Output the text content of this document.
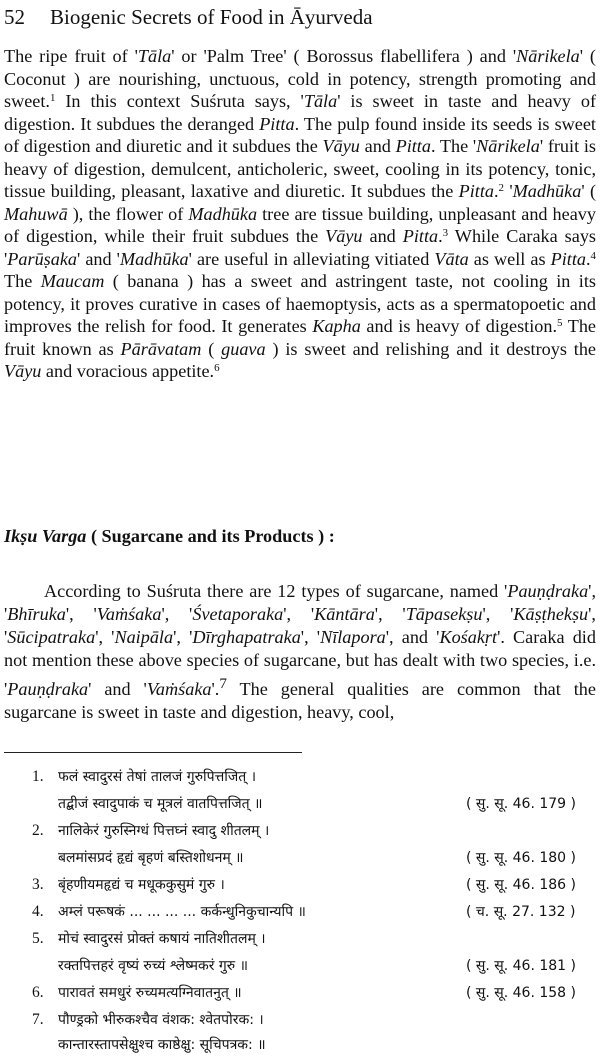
52 Biogenic Secrets of Food in Āyurveda

The ripe fruit of 'Tāla' or 'Palm Tree' ( Borossus flabellifera ) and 'Nārikela' ( Coconut ) are nourishing, unctuous, cold in potency, strength promoting and sweet.$^1$ In this context Suśruta says, 'Tāla' is sweet in taste and heavy of digestion. It subdues the deranged Pitta. The pulp found inside its seeds is sweet of digestion and diuretic and it subdues the Vāyu and Pitta. The 'Nārikela' fruit is heavy of digestion, demulcent, anticholeric, sweet, cooling in its potency, tonic, tissue building, pleasant, laxative and diuretic. It subdues the Pitta.$^2$ 'Madhūka' ( Mahuwā ), the flower of Madhūka tree are tissue building, unpleasant and heavy of digestion, while their fruit subdues the Vāyu and Pitta.$^3$ While Caraka says 'Parūṣaka' and 'Madhūka' are useful in alleviating vitiated Vāta as well as Pitta.$^4$ The Maucam ( banana ) has a sweet and astringent taste, not cooling in its potency, it proves curative in cases of haemoptysis, acts as a spermatopoetic and improves the relish for food. It generates Kapha and is heavy of digestion.$^5$ The fruit known as Pārāvatam ( guava ) is sweet and relishing and it destroys the Vāyu and voracious appetite.$^6$

Ikṣu Varga ( Sugarcane and its Products ) :

According to Suśruta there are 12 types of sugarcane, named 'Pauṇḍraka', 'Bhīruka', 'Vaṁśaka', 'Śvetaporaka', 'Kāntāra', 'Tāpasekṣu', 'Kāṣṭhekṣu', 'Sūcipatraka', 'Naipāla', 'Dīrghapatraka', 'Nīlapora', and 'Kośakṛt'. Caraka did not mention these above species of sugarcane, but has dealt with two species, i.e. 'Pauṇḍraka' and 'Vaṁśaka'.$^7$ The general qualities are common that the sugarcane is sweet in taste and digestion, heavy, cool,

1. फलं स्वादुरसं तेषां तालजं गुरुपित्तजित् ।
तद्बीजं स्वादुपाकं च मूत्रलं वातपित्तजित् ॥	( सु. सू. 46. 179 )
2. नालिकेरं गुरुस्निग्धं पित्तघ्नं स्वादु शीतलम् ।
बलमांसप्रदं हृद्यं बृहणं बस्तिशोधनम् ॥	( सु. सू. 46. 180 )
3. बृंहणीयमहृद्यं च मधूककुसुमं गुरु ।	( सु. सू. 46. 186 )
4. अम्लं परूषकं ... ... ... ... कर्कन्धुनिकुचान्यपि ॥	( च. सू. 27. 132 )
5. मोचं स्वादुरसं प्रोक्तं कषायं नातिशीतलम् ।
रक्तपित्तहरं वृष्यं रुच्यं श्लेष्मकरं गुरु ॥	( सु. सू. 46. 181 )
6. पारावतं समधुरं रुच्यमत्यग्निवातनुत् ॥	( सु. सू. 46. 158 )
7. पौण्ड्रको भीरुकश्चैव वंशक: श्वेतपोरक: ।
कान्तारस्तापसेक्षुश्च काष्ठेक्षु: सूचिपत्रक: ॥
